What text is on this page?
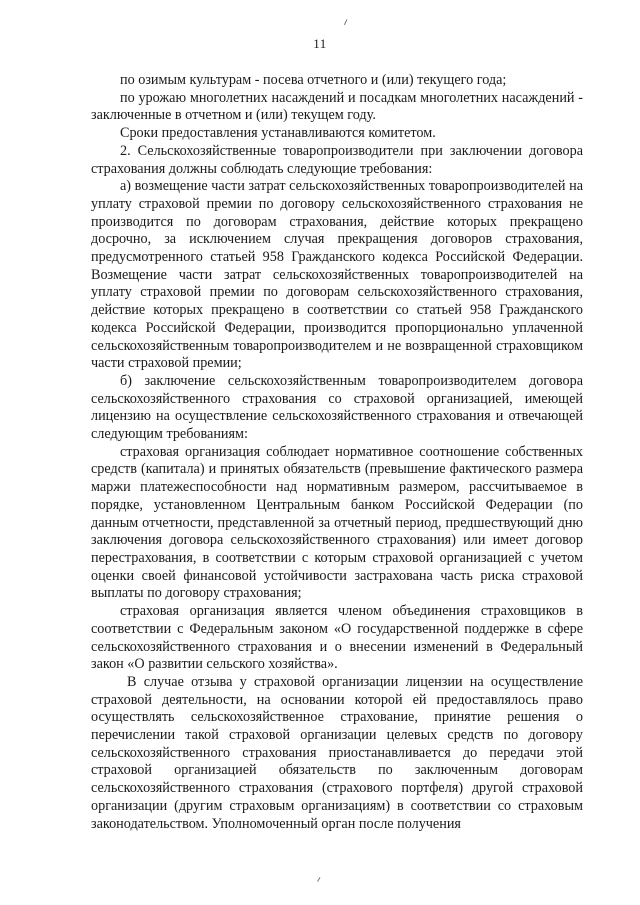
11

по озимым культурам - посева отчетного и (или) текущего года;

по урожаю многолетних насаждений и посадкам многолетних насаждений - заключенные в отчетном и (или) текущем году.

Сроки предоставления устанавливаются комитетом.

2. Сельскохозяйственные товаропроизводители при заключении договора страхования должны соблюдать следующие требования:

а) возмещение части затрат сельскохозяйственных товаропроизводителей на уплату страховой премии по договору сельскохозяйственного страхования не производится по договорам страхования, действие которых прекращено досрочно, за исключением случая прекращения договоров страхования, предусмотренного статьей 958 Гражданского кодекса Российской Федерации. Возмещение части затрат сельскохозяйственных товаропроизводителей на уплату страховой премии по договорам сельскохозяйственного страхования, действие которых прекращено в соответствии со статьей 958 Гражданского кодекса Российской Федерации, производится пропорционально уплаченной сельскохозяйственным товаропроизводителем и не возвращенной страховщиком части страховой премии;

б) заключение сельскохозяйственным товаропроизводителем договора сельскохозяйственного страхования со страховой организацией, имеющей лицензию на осуществление сельскохозяйственного страхования и отвечающей следующим требованиям:

страховая организация соблюдает нормативное соотношение собственных средств (капитала) и принятых обязательств (превышение фактического размера маржи платежеспособности над нормативным размером, рассчитываемое в порядке, установленном Центральным банком Российской Федерации (по данным отчетности, представленной за отчетный период, предшествующий дню заключения договора сельскохозяйственного страхования) или имеет договор перестрахования, в соответствии с которым страховой организацией с учетом оценки своей финансовой устойчивости застрахована часть риска страховой выплаты по договору страхования;

страховая организация является членом объединения страховщиков в соответствии с Федеральным законом «О государственной поддержке в сфере сельскохозяйственного страхования и о внесении изменений в Федеральный закон «О развитии сельского хозяйства».

В случае отзыва у страховой организации лицензии на осуществление страховой деятельности, на основании которой ей предоставлялось право осуществлять сельскохозяйственное страхование, принятие решения о перечислении такой страховой организации целевых средств по договору сельскохозяйственного страхования приостанавливается до передачи этой страховой организацией обязательств по заключенным договорам сельскохозяйственного страхования (страхового портфеля) другой страховой организации (другим страховым организациям) в соответствии со страховым законодательством. Уполномоченный орган после получения
